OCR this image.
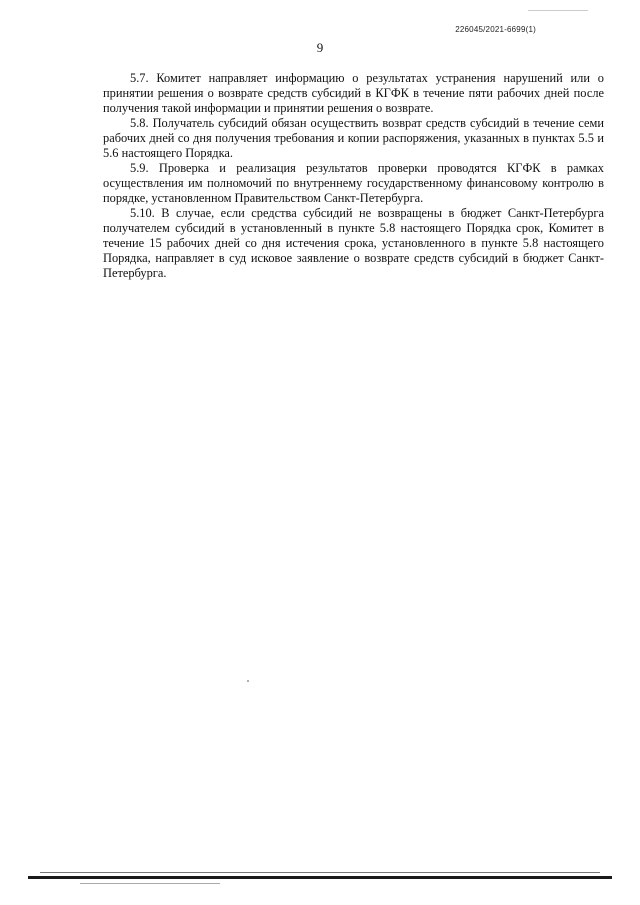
226045/2021-6699(1)
9

5.7. Комитет направляет информацию о результатах устранения нарушений или о принятии решения о возврате средств субсидий в КГФК в течение пяти рабочих дней после получения такой информации и принятии решения о возврате.

5.8. Получатель субсидий обязан осуществить возврат средств субсидий в течение семи рабочих дней со дня получения требования и копии распоряжения, указанных в пунктах 5.5 и 5.6 настоящего Порядка.

5.9. Проверка и реализация результатов проверки проводятся КГФК в рамках осуществления им полномочий по внутреннему государственному финансовому контролю в порядке, установленном Правительством Санкт-Петербурга.

5.10. В случае, если средства субсидий не возвращены в бюджет Санкт-Петербурга получателем субсидий в установленный в пункте 5.8 настоящего Порядка срок, Комитет в течение 15 рабочих дней со дня истечения срока, установленного в пункте 5.8 настоящего Порядка, направляет в суд исковое заявление о возврате средств субсидий в бюджет Санкт-Петербурга.
